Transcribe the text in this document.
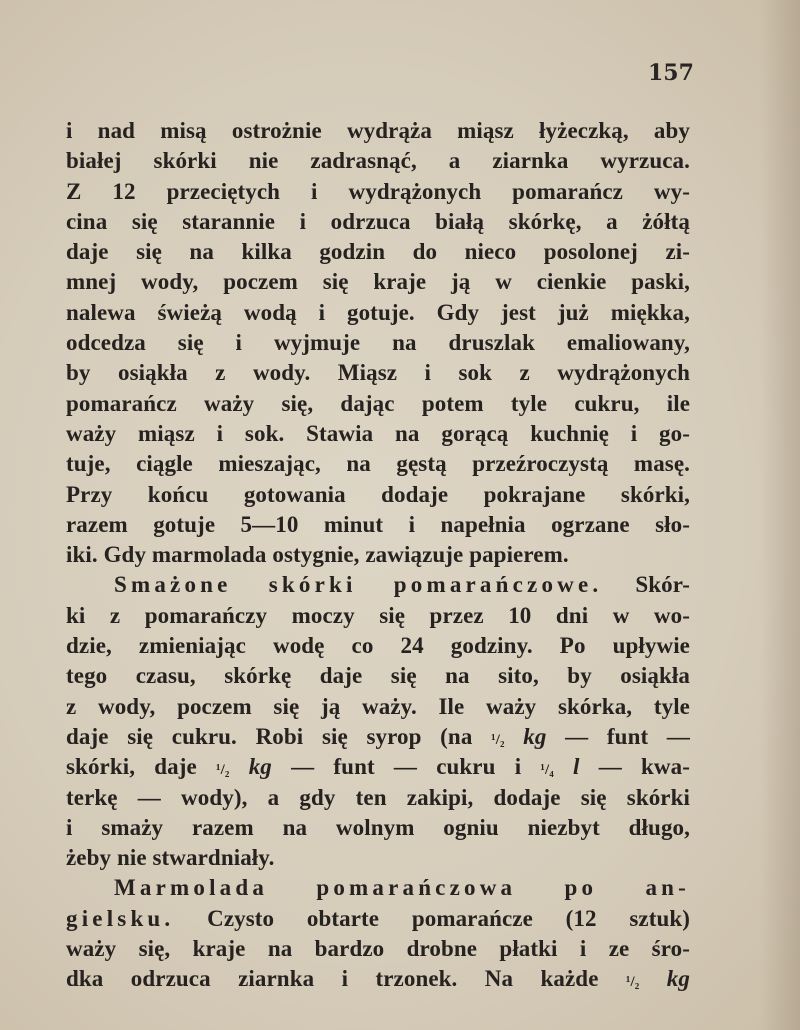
157
i nad misą ostrożnie wydrąża miąsz łyżeczką, aby
białej skórki nie zadrasnąć, a ziarnka wyrzuca.
Z 12 przeciętych i wydrążonych pomarańcz wy-
cina się starannie i odrzuca białą skórkę, a żółtą
daje się na kilka godzin do nieco posolonej zi-
mnej wody, poczem się kraje ją w cienkie paski,
nalewa świeżą wodą i gotuje. Gdy jest już miękka,
odcedza się i wyjmuje na druszlak emaliowany,
by osiąkła z wody. Miąsz i sok z wydrążonych
pomarańcz waży się, dając potem tyle cukru, ile
waży miąsz i sok. Stawia na gorącą kuchnię i go-
tuje, ciągle mieszając, na gęstą przeźroczystą masę.
Przy końcu gotowania dodaje pokrajane skórki,
razem gotuje 5—10 minut i napełnia ogrzane sło-
iki. Gdy marmolada ostygnie, zawiązuje papierem.
Smażone skórki pomarańczowe. Skór-
ki z pomarańczy moczy się przez 10 dni w wo-
dzie, zmieniając wodę co 24 godziny. Po upływie
tego czasu, skórkę daje się na sito, by osiąkła
z wody, poczem się ją waży. Ile waży skórka, tyle
daje się cukru. Robi się syrop (na ¹/₂ kg — funt —
skórki, daje ¹/₂ kg — funt — cukru i ¹/₄ l — kwa-
terkę — wody), a gdy ten zakipi, dodaje się skórki
i smaży razem na wolnym ogniu niezbyt długo,
żeby nie stwardniały.
Marmolada pomarańczowa po an-
gielsku. Czysto obtarte pomarańcze (12 sztuk)
waży się, kraje na bardzo drobne płatki i ze śro-
dka odrzuca ziarnka i trzonek. Na każde ¹/₂ kg
